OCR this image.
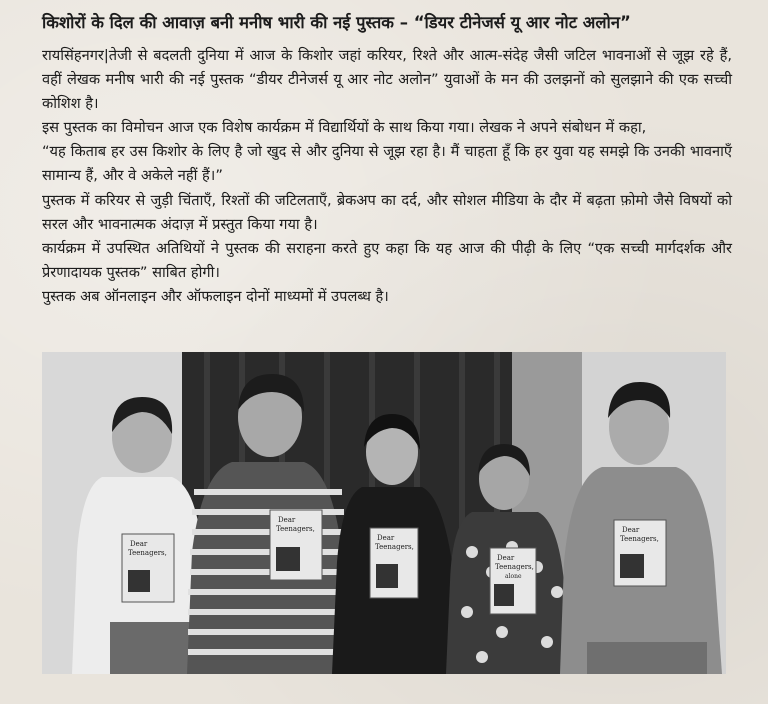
किशोरों के दिल की आवाज़ बनी मनीष भारी की नई पुस्तक – “डियर टीनेजर्स यू आर नोट अलोन”

रायसिंहनगर|तेजी से बदलती दुनिया में आज के किशोर जहां करियर, रिश्ते और आत्म-संदेह जैसी जटिल भावनाओं से जूझ रहे हैं, वहीं लेखक मनीष भारी की नई पुस्तक “डीयर टीनेजर्स यू आर नोट अलोन” युवाओं के मन की उलझनों को सुलझाने की एक सच्ची कोशिश है।

इस पुस्तक का विमोचन आज एक विशेष कार्यक्रम में विद्यार्थियों के साथ किया गया। लेखक ने अपने संबोधन में कहा,

“यह किताब हर उस किशोर के लिए है जो खुद से और दुनिया से जूझ रहा है। मैं चाहता हूँ कि हर युवा यह समझे कि उनकी भावनाएँ सामान्य हैं, और वे अकेले नहीं हैं।”

पुस्तक में करियर से जुड़ी चिंताएँ, रिश्तों की जटिलताएँ, ब्रेकअप का दर्द, और सोशल मीडिया के दौर में बढ़ता फ़ोमो जैसे विषयों को सरल और भावनात्मक अंदाज़ में प्रस्तुत किया गया है।

कार्यक्रम में उपस्थित अतिथियों ने पुस्तक की सराहना करते हुए कहा कि यह आज की पीढ़ी के लिए “एक सच्ची मार्गदर्शक और प्रेरणादायक पुस्तक” साबित होगी।

पुस्तक अब ऑनलाइन और ऑफलाइन दोनों माध्यमों में उपलब्ध है।

Dear
Teenagers,
Dear
Teenagers,
Dear
Teenagers,
Dear
Teenagers,
alone
Dear
Teenagers,
